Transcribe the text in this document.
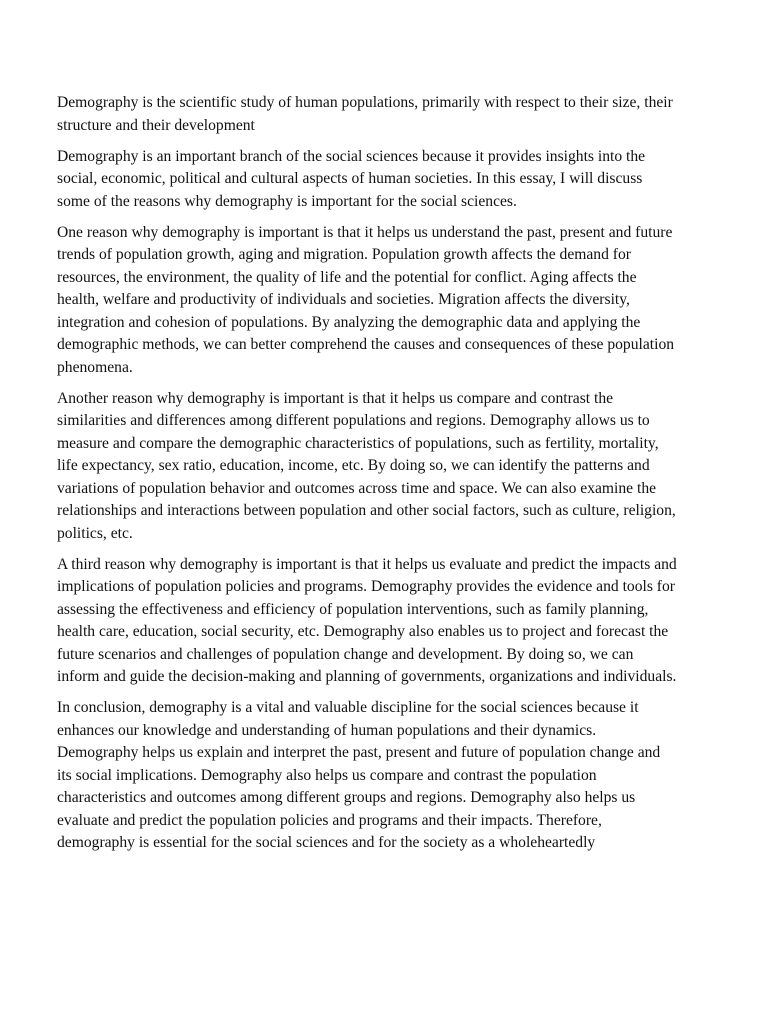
Demography is the scientific study of human populations, primarily with respect to their size, their structure and their development

Demography is an important branch of the social sciences because it provides insights into the social, economic, political and cultural aspects of human societies. In this essay, I will discuss some of the reasons why demography is important for the social sciences.

One reason why demography is important is that it helps us understand the past, present and future trends of population growth, aging and migration. Population growth affects the demand for resources, the environment, the quality of life and the potential for conflict. Aging affects the health, welfare and productivity of individuals and societies. Migration affects the diversity, integration and cohesion of populations. By analyzing the demographic data and applying the demographic methods, we can better comprehend the causes and consequences of these population phenomena.

Another reason why demography is important is that it helps us compare and contrast the similarities and differences among different populations and regions. Demography allows us to measure and compare the demographic characteristics of populations, such as fertility, mortality, life expectancy, sex ratio, education, income, etc. By doing so, we can identify the patterns and variations of population behavior and outcomes across time and space. We can also examine the relationships and interactions between population and other social factors, such as culture, religion, politics, etc.

A third reason why demography is important is that it helps us evaluate and predict the impacts and implications of population policies and programs. Demography provides the evidence and tools for assessing the effectiveness and efficiency of population interventions, such as family planning, health care, education, social security, etc. Demography also enables us to project and forecast the future scenarios and challenges of population change and development. By doing so, we can inform and guide the decision-making and planning of governments, organizations and individuals.

In conclusion, demography is a vital and valuable discipline for the social sciences because it enhances our knowledge and understanding of human populations and their dynamics. Demography helps us explain and interpret the past, present and future of population change and its social implications. Demography also helps us compare and contrast the population characteristics and outcomes among different groups and regions. Demography also helps us evaluate and predict the population policies and programs and their impacts. Therefore, demography is essential for the social sciences and for the society as a wholeheartedly
